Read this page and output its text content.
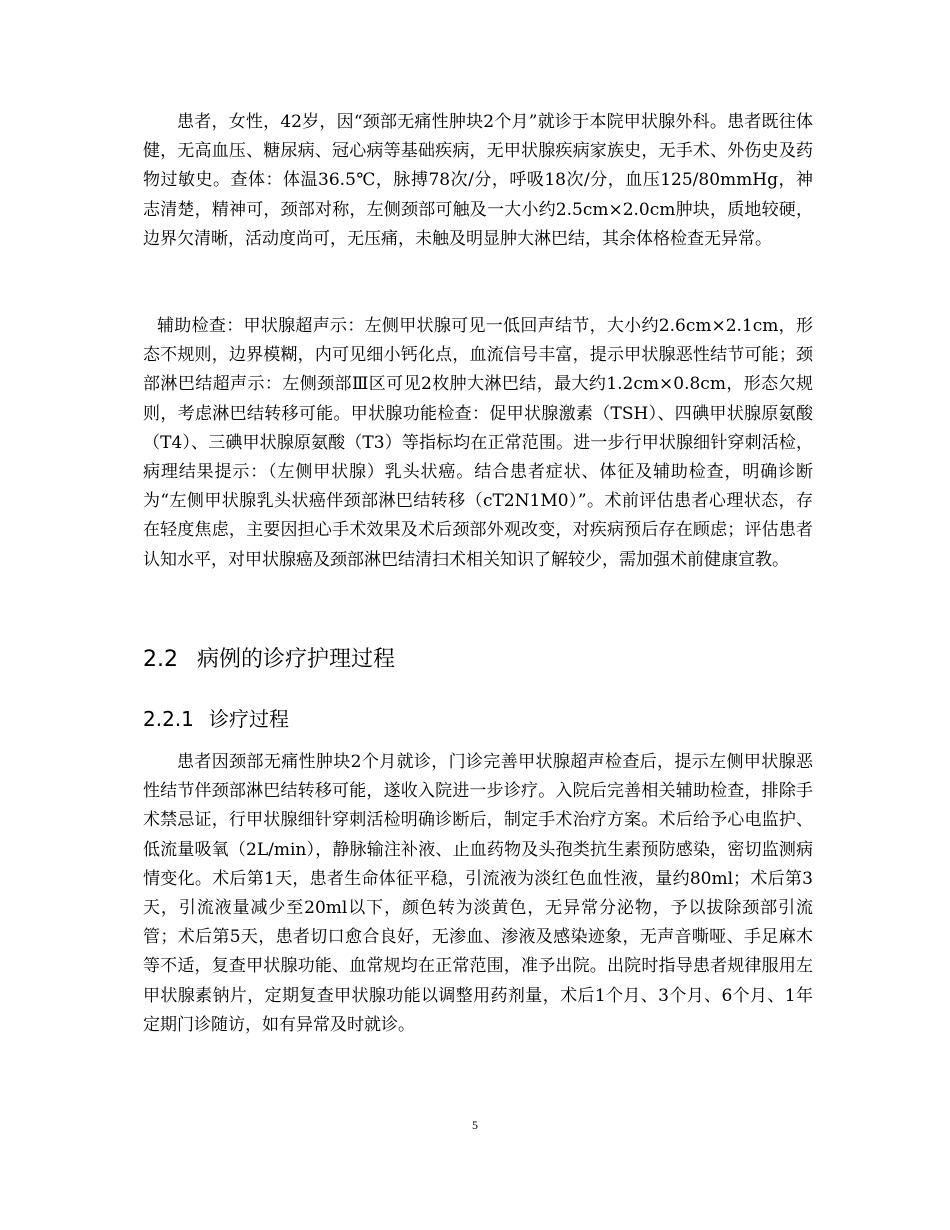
患者，女性，42岁，因“颈部无痛性肿块2个月”就诊于本院甲状腺外科。患者既往体健，无高血压、糖尿病、冠心病等基础疾病，无甲状腺疾病家族史，无手术、外伤史及药物过敏史。查体：体温36.5℃，脉搏78次/分，呼吸18次/分，血压125/80mmHg，神志清楚，精神可，颈部对称，左侧颈部可触及一大小约2.5cm×2.0cm肿块，质地较硬，边界欠清晰，活动度尚可，无压痛，未触及明显肿大淋巴结，其余体格检查无异常。

辅助检查：甲状腺超声示：左侧甲状腺可见一低回声结节，大小约2.6cm×2.1cm，形态不规则，边界模糊，内可见细小钙化点，血流信号丰富，提示甲状腺恶性结节可能；颈部淋巴结超声示：左侧颈部Ⅲ区可见2枚肿大淋巴结，最大约1.2cm×0.8cm，形态欠规则，考虑淋巴结转移可能。甲状腺功能检查：促甲状腺激素（TSH）、四碘甲状腺原氨酸（T4）、三碘甲状腺原氨酸（T3）等指标均在正常范围。进一步行甲状腺细针穿刺活检，病理结果提示：（左侧甲状腺）乳头状癌。结合患者症状、体征及辅助检查，明确诊断为“左侧甲状腺乳头状癌伴颈部淋巴结转移（cT2N1M0）”。术前评估患者心理状态，存在轻度焦虑，主要因担心手术效果及术后颈部外观改变，对疾病预后存在顾虑；评估患者认知水平，对甲状腺癌及颈部淋巴结清扫术相关知识了解较少，需加强术前健康宣教。

2.2 病例的诊疗护理过程
2.2.1 诊疗过程

患者因颈部无痛性肿块2个月就诊，门诊完善甲状腺超声检查后，提示左侧甲状腺恶性结节伴颈部淋巴结转移可能，遂收入院进一步诊疗。入院后完善相关辅助检查，排除手术禁忌证，行甲状腺细针穿刺活检明确诊断后，制定手术治疗方案。术后给予心电监护、低流量吸氧（2L/min），静脉输注补液、止血药物及头孢类抗生素预防感染，密切监测病情变化。术后第1天，患者生命体征平稳，引流液为淡红色血性液，量约80ml；术后第3天，引流液量减少至20ml以下，颜色转为淡黄色，无异常分泌物，予以拔除颈部引流管；术后第5天，患者切口愈合良好，无渗血、渗液及感染迹象，无声音嘶哑、手足麻木等不适，复查甲状腺功能、血常规均在正常范围，准予出院。出院时指导患者规律服用左甲状腺素钠片，定期复查甲状腺功能以调整用药剂量，术后1个月、3个月、6个月、1年定期门诊随访，如有异常及时就诊。

5
